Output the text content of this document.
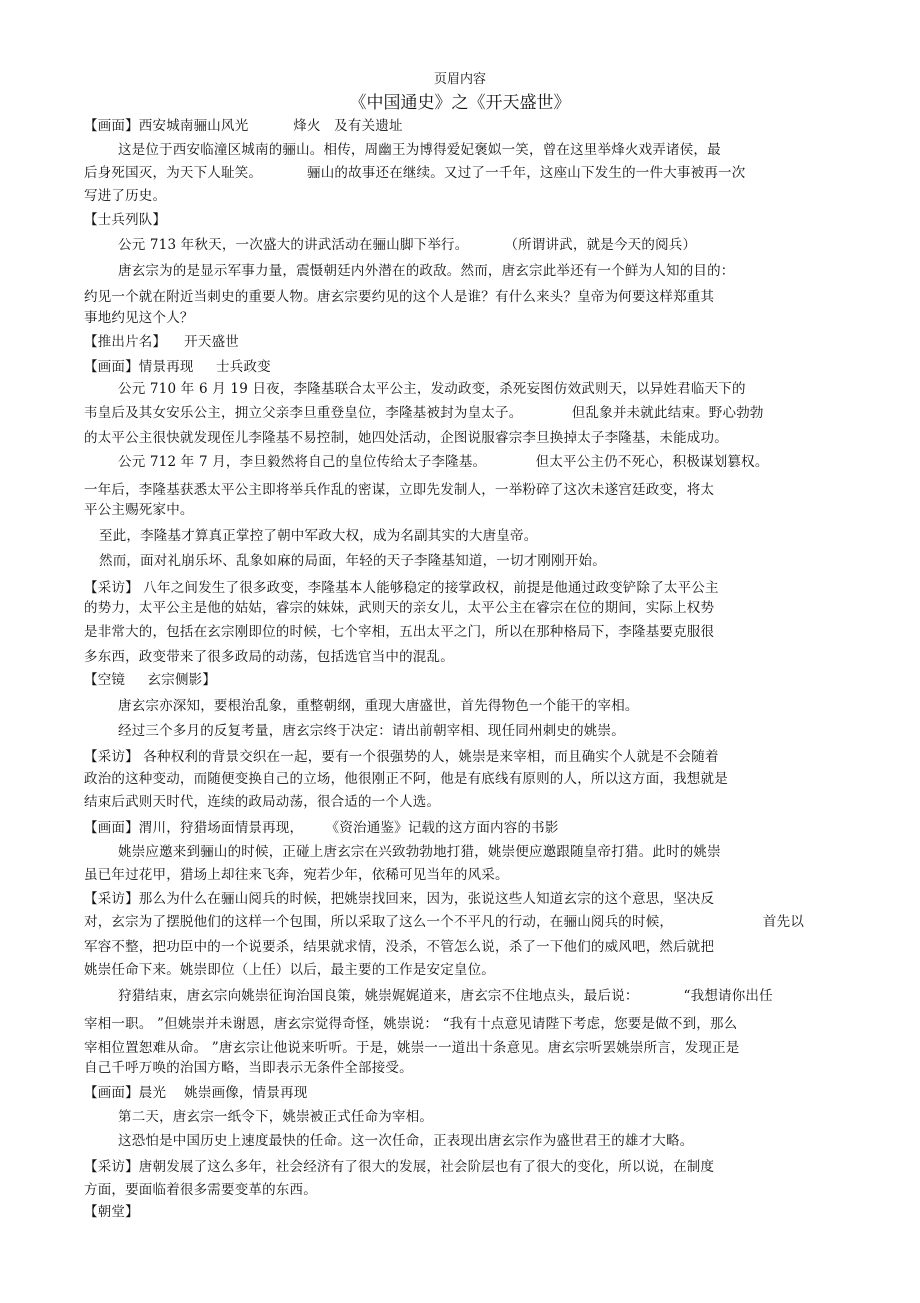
页眉内容
《中国通史》之《开天盛世》
【画面】西安城南骊山风光          烽火   及有关遗址
这是位于西安临潼区城南的骊山。相传，周幽王为博得爱妃褒姒一笑，曾在这里举烽火戏弄诸侯，最
后身死国灭，为天下人耻笑。          骊山的故事还在继续。又过了一千年，这座山下发生的一件大事被再一次
写进了历史。
【士兵列队】
公元 713 年秋天，一次盛大的讲武活动在骊山脚下举行。        （所谓讲武，就是今天的阅兵）
唐玄宗为的是显示军事力量，震慑朝廷内外潜在的政敌。然而，唐玄宗此举还有一个鲜为人知的目的：
约见一个就在附近当刺史的重要人物。唐玄宗要约见的这个人是谁？有什么来头？皇帝为何要这样郑重其
事地约见这个人？
【推出片名】    开天盛世
【画面】情景再现     士兵政变
公元 710 年 6 月 19 日夜，李隆基联合太平公主，发动政变，杀死妄图仿效武则天，以异姓君临天下的
韦皇后及其女安乐公主，拥立父亲李旦重登皇位，李隆基被封为皇太子。           但乱象并未就此结束。野心勃勃
的太平公主很快就发现侄儿李隆基不易控制，她四处活动，企图说服睿宗李旦换掉太子李隆基，未能成功。
公元 712 年 7 月，李旦毅然将自己的皇位传给太子李隆基。           但太平公主仍不死心，积极谋划篡权。
一年后，李隆基获悉太平公主即将举兵作乱的密谋，立即先发制人，一举粉碎了这次未遂宫廷政变，将太
平公主赐死家中。
至此，李隆基才算真正掌控了朝中军政大权，成为名副其实的大唐皇帝。
然而，面对礼崩乐坏、乱象如麻的局面，年轻的天子李隆基知道，一切才刚刚开始。
【采访】 八年之间发生了很多政变，李隆基本人能够稳定的接掌政权，前提是他通过政变铲除了太平公主
的势力，太平公主是他的姑姑，睿宗的妹妹，武则天的亲女儿，太平公主在睿宗在位的期间，实际上权势
是非常大的，包括在玄宗刚即位的时候，七个宰相，五出太平之门，所以在那种格局下，李隆基要克服很
多东西，政变带来了很多政局的动荡，包括选官当中的混乱。
【空镜     玄宗侧影】
唐玄宗亦深知，要根治乱象，重整朝纲，重现大唐盛世，首先得物色一个能干的宰相。
经过三个多月的反复考量，唐玄宗终于决定：请出前朝宰相、现任同州刺史的姚崇。
【采访】 各种权利的背景交织在一起，要有一个很强势的人，姚崇是来宰相，而且确实个人就是不会随着
政治的这种变动，而随便变换自己的立场，他很刚正不阿，他是有底线有原则的人，所以这方面，我想就是
结束后武则天时代，连续的政局动荡，很合适的一个人选。
【画面】渭川，狩猎场面情景再现，     《资治通鉴》记载的这方面内容的书影
姚崇应邀来到骊山的时候，正碰上唐玄宗在兴致勃勃地打猎，姚崇便应邀跟随皇帝打猎。此时的姚崇
虽已年过花甲，猎场上却往来飞奔，宛若少年，依稀可见当年的风采。
【采访】那么为什么在骊山阅兵的时候，把姚崇找回来，因为，张说这些人知道玄宗的这个意思，坚决反
对，玄宗为了摆脱他们的这样一个包围，所以采取了这么一个不平凡的行动，在骊山阅兵的时候，                    首先以
军容不整，把功臣中的一个说要杀，结果就求情，没杀，不管怎么说，杀了一下他们的威风吧，然后就把
姚崇任命下来。姚崇即位（上任）以后，最主要的工作是安定皇位。
狩猎结束，唐玄宗向姚崇征询治国良策，姚崇娓娓道来，唐玄宗不住地点头，最后说：          “我想请你出任
宰相一职。 ”但姚崇并未谢恩，唐玄宗觉得奇怪，姚崇说： “我有十点意见请陛下考虑，您要是做不到，那么
宰相位置恕难从命。 ”唐玄宗让他说来听听。于是，姚崇一一道出十条意见。唐玄宗听罢姚崇所言，发现正是
自己千呼万唤的治国方略，当即表示无条件全部接受。
【画面】晨光    姚崇画像，情景再现
第二天，唐玄宗一纸令下，姚崇被正式任命为宰相。
这恐怕是中国历史上速度最快的任命。这一次任命，正表现出唐玄宗作为盛世君王的雄才大略。
【采访】唐朝发展了这么多年，社会经济有了很大的发展，社会阶层也有了很大的变化，所以说，在制度
方面，要面临着很多需要变革的东西。
【朝堂】
